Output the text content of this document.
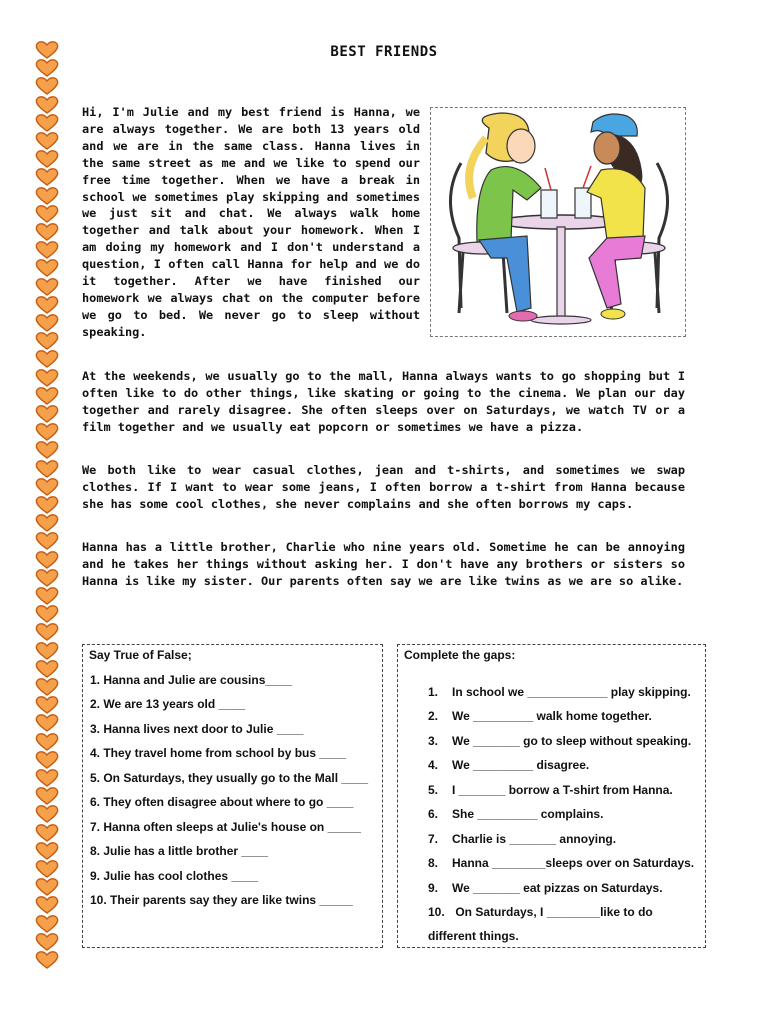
BEST FRIENDS

Hi, I'm Julie and my best friend is Hanna, we are always together. We are both 13 years old and we are in the same class. Hanna lives in the same street as me and we like to spend our free time together. When we have a break in school we sometimes play skipping and sometimes we just sit and chat. We always walk home together and talk about your homework. When I am doing my homework and I don't understand a question, I often call Hanna for help and we do it together. After we have finished our homework we always chat on the computer before we go to bed. We never go to sleep without speaking.

At the weekends, we usually go to the mall, Hanna always wants to go shopping but I often like to do other things, like skating or going to the cinema. We plan our day together and rarely disagree. She often sleeps over on Saturdays, we watch TV or a film together and we usually eat popcorn or sometimes we have a pizza.

We both like to wear casual clothes, jean and t-shirts, and sometimes we swap clothes. If I want to wear some jeans, I often borrow a t-shirt from Hanna because she has some cool clothes, she never complains and she often borrows my caps.

Hanna has a little brother, Charlie who nine years old. Sometime he can be annoying and he takes her things without asking her. I don't have any brothers or sisters so Hanna is like my sister. Our parents often say we are like twins as we are so alike.

Say True of False;
1. Hanna and Julie are cousins____
2. We are 13 years old ____
3. Hanna lives next door to Julie ____
4. They travel home from school by bus ____
5. On Saturdays, they usually go to the Mall ____
6. They often disagree about where to go ____
7. Hanna often sleeps at Julie's house on _____
8. Julie has a little brother ____
9. Julie has cool clothes ____
10. Their parents say they are like twins _____
Complete the gaps:
1. In school we ____________ play skipping.
2. We _________ walk home together.
3. We _______ go to sleep without speaking.
4. We _________ disagree.
5. I _______ borrow a T-shirt from Hanna.
6. She _________ complains.
7. Charlie is _______ annoying.
8. Hanna ________sleeps over on Saturdays.
9. We _______ eat pizzas on Saturdays.
10. On Saturdays, I ________like to do
different things.
